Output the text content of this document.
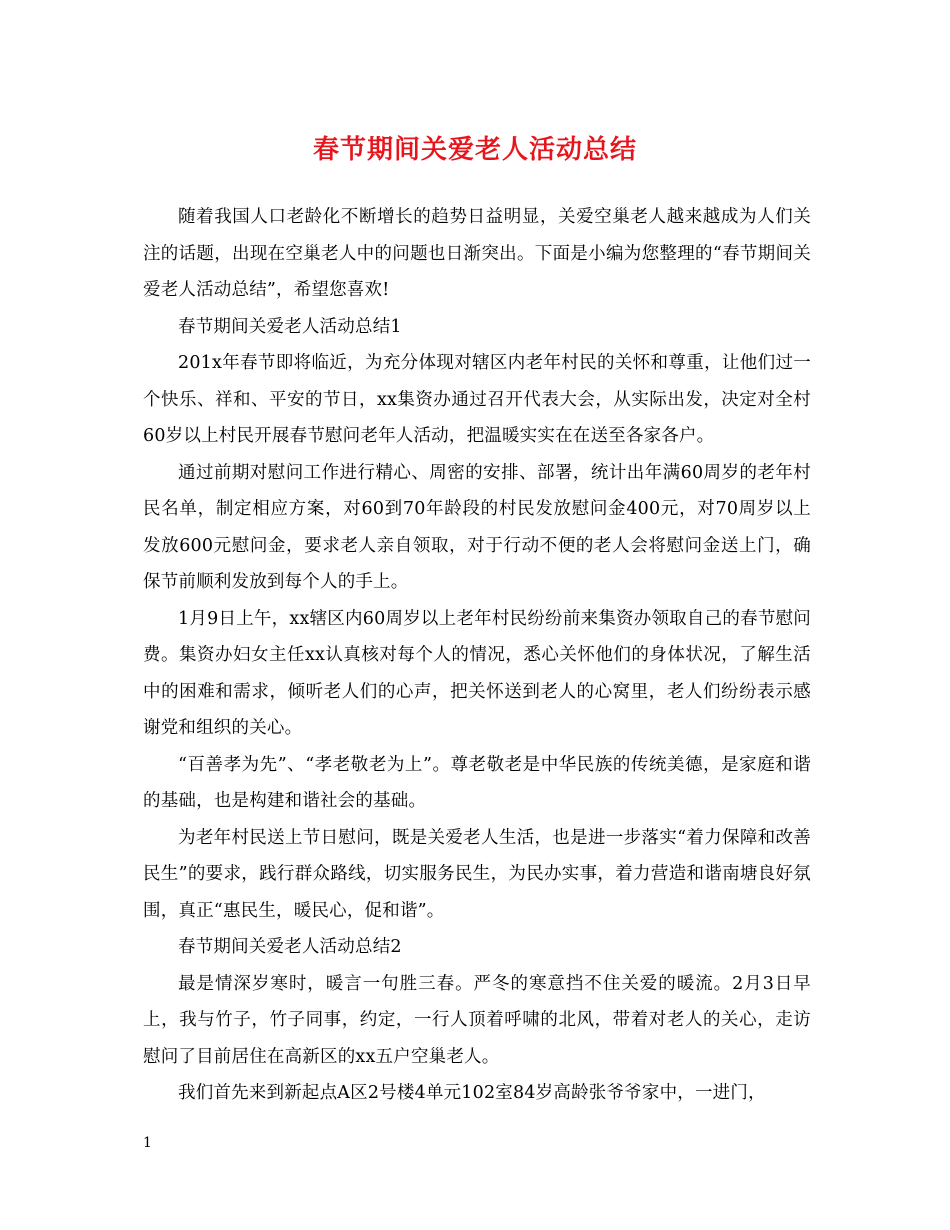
春节期间关爱老人活动总结

随着我国人口老龄化不断增长的趋势日益明显，关爱空巢老人越来越成为人们关注的话题，出现在空巢老人中的问题也日渐突出。下面是小编为您整理的“春节期间关爱老人活动总结”，希望您喜欢!

春节期间关爱老人活动总结1

201x年春节即将临近，为充分体现对辖区内老年村民的关怀和尊重，让他们过一个快乐、祥和、平安的节日，xx集资办通过召开代表大会，从实际出发，决定对全村60岁以上村民开展春节慰问老年人活动，把温暖实实在在送至各家各户。

通过前期对慰问工作进行精心、周密的安排、部署，统计出年满60周岁的老年村民名单，制定相应方案，对60到70年龄段的村民发放慰问金400元，对70周岁以上发放600元慰问金，要求老人亲自领取，对于行动不便的老人会将慰问金送上门，确保节前顺利发放到每个人的手上。

1月9日上午，xx辖区内60周岁以上老年村民纷纷前来集资办领取自己的春节慰问费。集资办妇女主任xx认真核对每个人的情况，悉心关怀他们的身体状况，了解生活中的困难和需求，倾听老人们的心声，把关怀送到老人的心窝里，老人们纷纷表示感谢党和组织的关心。

“百善孝为先”、“孝老敬老为上”。尊老敬老是中华民族的传统美德，是家庭和谐的基础，也是构建和谐社会的基础。

为老年村民送上节日慰问，既是关爱老人生活，也是进一步落实“着力保障和改善民生”的要求，践行群众路线，切实服务民生，为民办实事，着力营造和谐南塘良好氛围，真正“惠民生，暖民心，促和谐”。

春节期间关爱老人活动总结2

最是情深岁寒时，暖言一句胜三春。严冬的寒意挡不住关爱的暖流。2月3日早上，我与竹子，竹子同事，约定，一行人顶着呼啸的北风，带着对老人的关心，走访慰问了目前居住在高新区的xx五户空巢老人。

我们首先来到新起点A区2号楼4单元102室84岁高龄张爷爷家中，一进门，

1
